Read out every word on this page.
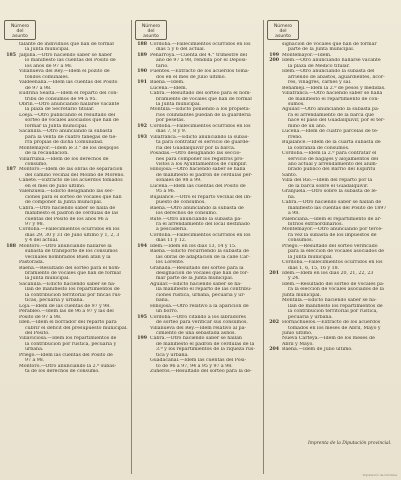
Número
del
asunto
Número
del
asunto
Número
del
asunto
talante de individuos que han de formar
la Junta municipal.
185 Jalpilla.—Otro haciendo saber se haber
lo manifiesto las cuentas del Pósito de
los años de 97 á 98.
Villanueva del Rey.—Idem el pozito de
fondos comunales.
Valdeenalla.—Idem las cuentas del Pósito
de 97 á 98.
Eudrina Sealta.—Idem el reparto del con-
tribú de consumos de 94 á 95.
Obrin.—Otro anunciando hallarse vacante
la plaza de Secretario titular.
Loeja.—Otro publicando el resultado del
sorteo de vocales asociados que han de
formar la Junta municipal.
Sacanilla.—Otro anunciando la subasta
para la venta de cuatro fanegas de tie-
rra propias de dicha Comunidad.
Montemayor.—Idem le 3.° de los despojos
de la recaudación.
Villarrubia.—Idem de los derechos de
consumo.
187 Montoro.—Idem de las obras de separación
del camino vecinal del Molino de Moreno.
Cañete.—Extracto de los acuerdos tomados
en el mes de Julio último.
Valenzuela.—Edicto designando las sec-
ciones para el sorteo de vocales que han
de componer la Junta municipal.
Cabra.—Otro haciendo saber se halla de
manifiesto el padrón de cerdulas de las
cuentas del Pósito de los años 96 á
97 y 98.
Córdoba.—Fallecimientos ocurridos en los
días 29, 30 y 31 de Julio último y 1, 2, 3
y 4 del actual.
188 Montoro.—Otro anunciando hallarse la
subasta de transporte de los consumos
vecinales nombrados Buen afán y la
Pastorada.
Baena.—Resultado del sorteo para el nom-
bramiento de vocales que han de formar
la Junta municipal.
Sacanilla.—Edicto haciendo saber se ha-
llan de manifiesto los repartimientos de
la contribución territorial por fincas rús-
ticas, pecuaria y urbana.
Loja.—Idem de las cuentas de 97 y 98.
Perableo.—Idem las de 96 á 97 y las del
Pósito de 97 á 98.
Iden.—Idem el borrador del reparto para
cubrir el déficit del presupuesto municipal.
del Pósito.
Villaviciosa.—Idem los repartimientos de
la contribución por rústica, pecuaria y
urbana.
Priego.—Idem las cuentas del Pósito de
97 á 98.
Montoro.—Otro anunciando la 2.ª subas-
ta de los derechos de consumo.
188 Córdoba.—Fallecimientos ocurridos en los
días 5 y 6 del actual.
189 Peñarroya.—Cuenta del 4.° trimestre del
año de 97 á 98, rendida por el Deposi-
tario.
190 Fuentes.—Extracto de los acuerdos toma-
dos en el mes de Julio último.
191 Baena.—Idem.
Lucena.—Idem.
Cabra.—Resultado del sorteo para el nom-
bramiento de vocales que han de formar
la Junta municipal.
Montilla.—Edicto poniendo a los propieta-
rios colindantes puedan de la guardería
por pesetas.
192 Córdoba.—Fallecimientos ocurridos en los
días 7, 8 y 9.
193 Villafranca.—Edicto anunciando la subas-
ta para contratar el servicio de guarde-
ría del Guadalquivir por la barca.
Posadas.—Otro designando las seccio-
nes para componer los registros pro-
vistos a los Ayuntamientos de cumplir.
Hinojosa.—Otro haciendo saber se halla
de manifiesto el padrón de cerdulas per-
sonales de 98 á 99.
Lucena.—Idem las cuentas del Pósito de
95 á 96.
Bujalance.—Otro el reparto vecinal del im-
puesto de consumos.
Baena.—Otro anunciando la subasta de
los derechos de consumo.
Rute.—Otro anunciando la subasta pa-
ra el arrendamiento del local destinado
a pescadería.
Córdoba.—Fallecimientos ocurridos en los
días 11 y 12.
194 Idem.—Idem en los días 13, 14 y 15.
Baena.—Edicto recurriendo la subasta de
las obras de adaptación de la calle Car-
los Lorente.
Granada.—Resultado del sorteo para la
designación de vocales que han de for-
mar parte de la Junta municipal.
Aguilar.—Edicto haciendo saber se ha-
lla manifiesto el reparto de las contribu-
ciones rústica, urbana, pecuaria y ur-
bana.
Hinojosa.—Otro relativo a la aparición de
un borro.
195 Córdoba.—Otro citando a los labradores
de sorteo para verificar sus consumos.
Villanueva del Rey.—Idem relativo al pa-
cimiento de una sebastada asnos.
199 Cabra.—Otro haciendo saber se hallan
de manifiesto el padrón de cerdulas de la
3.ª y los repartimientos de la riqueza rús-
tica y urbana.
Guadacanal.—Idem las cuentas del Pósi-
to de 96 á 97, 94 á 95 y 97 á 98.
Zuheros.—Resultado del sorteo para la de-
signación de vocales que han de formar
parte de la Junta municipal.
199 Montemayor.—Idem.
200 Idem.—Otro anunciando hallarse vacante
la plaza de Médico titular.
Idem.—Otro anunciando la subasta del
arriendo de abastos, aguardientes, licor-
res, vinagres, carnes y sal.
Benamejí.—Idem la 2.ª de pesos y medidas.
Villafranca.—Otro haciendo saber se halla
de manifiesto el repartimiento de con-
sumos.
Aguilar.—Otro anunciando la subasta pa-
ra el arrendamiento de la barca que
hace el paso del Guadalquivir, por el tér-
mino de un año.
Lucena.—Idem de cuatro parcelas de te-
rreno.
Bujalance.—Idem de la cuarta subasta de
la cobranza de consumos.
Córdoba.—Idem la 2.ª para contratar el
servicio de bagajes y alojamientos del
año actual y arrendamiento del alum-
brado público del Barrio del Espíritu
Santo.
Villa del Río.—Idem del reparto por la
de la barca sobre el Guadalquivir.
Granjuela.—Otro sobre la subasta de le-
ña.
Cabra.—Otro haciendo saber se hallan de
manifiesto las cuentas del Pósito de 1897
á 98.
Palenciana.—Idem el repartimiento de ar-
bitrios extraordinarios.
Montemayor.—Otro anunciando por terce-
ra vez la subasta de los impuestos de
consumos.
Priego.—Resultado del sorteo verificado
para la elección de vocales asociados de
la Junta municipal.
Córdoba.—Fallecimientos ocurridos en los
días 1, 6, 15, 16 y 18.
201 Idem.—Idem en los días 20, 21, 22, 23
y 24.
Idem.—Resultado del sorteo de vocales pa-
ra la elección de vocales asociados de la
Junta municipal.
Montilla.—Edicto haciendo saber se ha-
llan de manifiesto los repartimientos de
la contribución territorial por rústica,
pecuaria y urbana.
202 Hornachuelos.—Extracto de los acuerdos
tomados en los meses de Abril, Mayo y
Junio último.
Nueva Carteya.—Idem de los meses de
Abril y Mayo.
204 Baena.—Idem de Julio último.
Imprenta de la Diputación provincial.
Diputación de Córdoba
